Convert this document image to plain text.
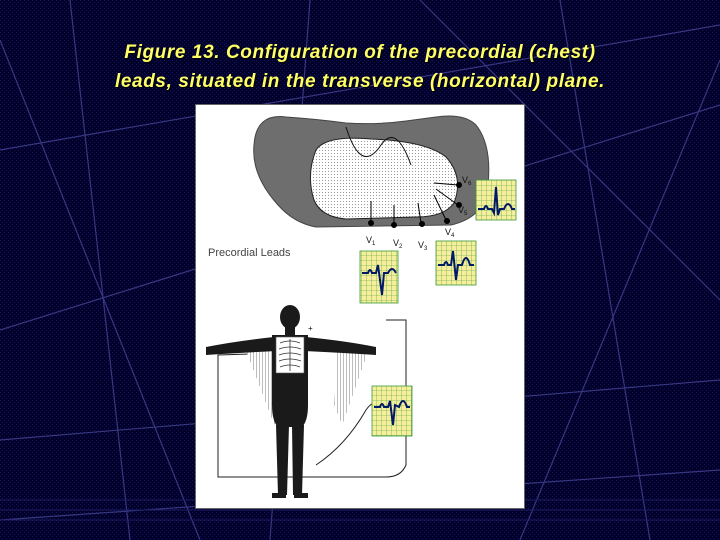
Figure 13. Configuration of the precordial (chest)
leads, situated in the transverse (horizontal) plane.
$V_1$ $V_2$ $V_3$
$V_4$
$V_5$
$V_6$
Precordial Leads
+
